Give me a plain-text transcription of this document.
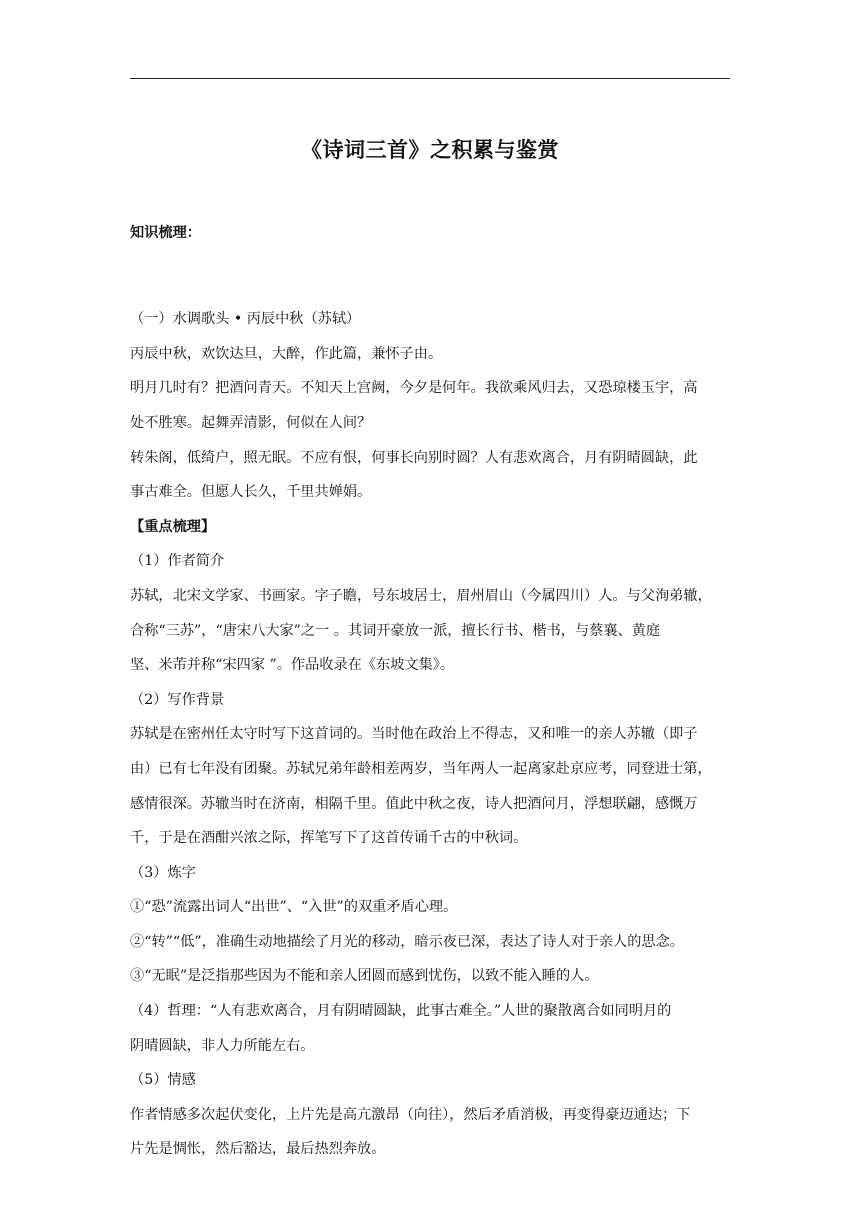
《诗词三首》之积累与鉴赏

知识梳理：

（一）水调歌头 • 丙辰中秋（苏轼）

丙辰中秋，欢饮达旦，大醉，作此篇，兼怀子由。

明月几时有？把酒问青天。不知天上宫阙，今夕是何年。我欲乘风归去，又恐琼楼玉宇，高

处不胜寒。起舞弄清影，何似在人间？

转朱阁，低绮户，照无眠。不应有恨，何事长向别时圆？人有悲欢离合，月有阴晴圆缺，此

事古难全。但愿人长久，千里共婵娟。

【重点梳理】

（1）作者简介

苏轼，北宋文学家、书画家。字子瞻，号东坡居士，眉州眉山（今属四川）人。与父洵弟辙，

合称“三苏”，“唐宋八大家”之一 。其词开豪放一派，擅长行书、楷书，与蔡襄、黄庭

坚、米芾并称“宋四家 ”。作品收录在《东坡文集》。

（2）写作背景

苏轼是在密州任太守时写下这首词的。当时他在政治上不得志，又和唯一的亲人苏辙（即子

由）已有七年没有团聚。苏轼兄弟年龄相差两岁，当年两人一起离家赴京应考，同登进士第，

感情很深。苏辙当时在济南，相隔千里。值此中秋之夜，诗人把酒问月，浮想联翩，感慨万

千，于是在酒酣兴浓之际，挥笔写下了这首传诵千古的中秋词。

（3）炼字

①“恐”流露出词人“出世”、“入世”的双重矛盾心理。

②“转”“低”，准确生动地描绘了月光的移动，暗示夜已深，表达了诗人对于亲人的思念。

③“无眠”是泛指那些因为不能和亲人团圆而感到忧伤，以致不能入睡的人。

（4）哲理：“人有悲欢离合，月有阴晴圆缺，此事古难全。”人世的聚散离合如同明月的

阴晴圆缺，非人力所能左右。

（5）情感

作者情感多次起伏变化，上片先是高亢激昂（向往），然后矛盾消极，再变得豪迈通达；下

片先是惆怅，然后豁达，最后热烈奔放。
